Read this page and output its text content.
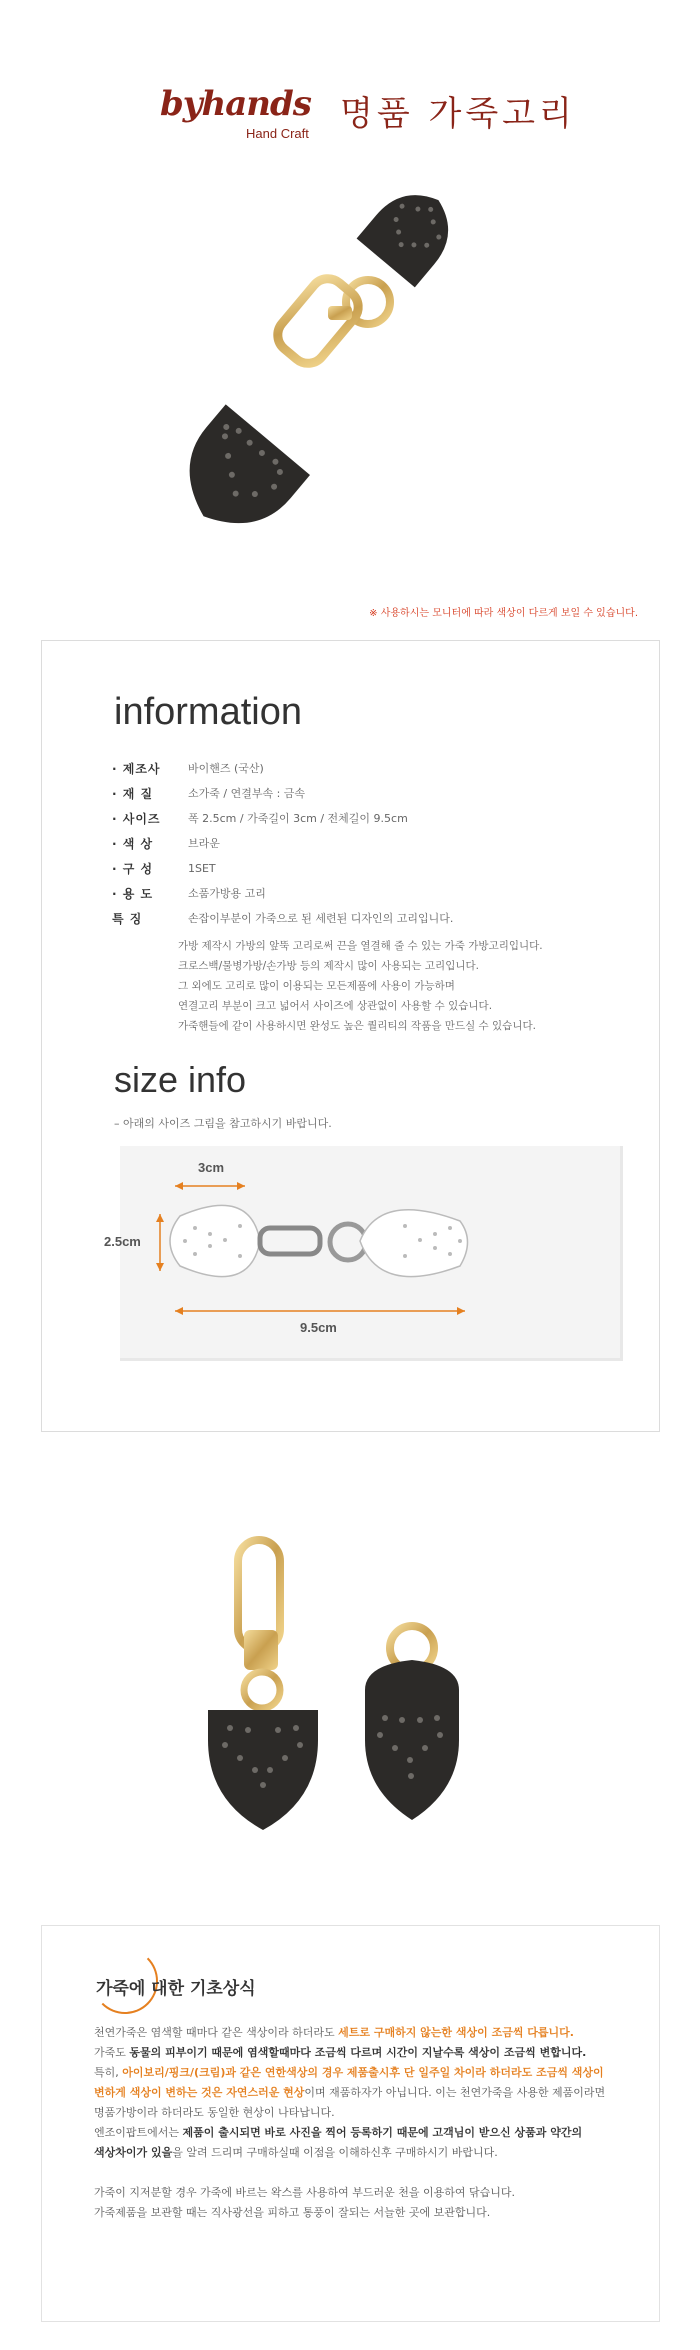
byhands
Hand Craft 명품 가죽고리
※ 사용하시는 모니터에 따라 색상이 다르게 보일 수 있습니다.
information
· 제조사	바이핸즈 (국산)
· 재 질	소가죽 / 연결부속 : 금속
· 사이즈	폭 2.5cm / 가죽길이 3cm / 전체길이 9.5cm
· 색 상	브라운
· 구 성	1SET
· 용 도	소품가방용 고리
특 징	손잡이부분이 가죽으로 된 세련된 디자인의 고리입니다.
가방 제작시 가방의 앞뚝 고리로써 끈을 열결해 줄 수 있는 가죽 가방고리입니다.
크로스백/물병가방/손가방 등의 제작시 많이 사용되는 고리입니다.
그 외에도 고리로 많이 이용되는 모든제품에 사용이 가능하며
연결고리 부분이 크고 넓어서 사이즈에 상관없이 사용할 수 있습니다.
가죽핸들에 같이 사용하시면 완성도 높은 퀄리티의 작품을 만드실 수 있습니다.
size info
– 아래의 사이즈 그림을 참고하시기 바랍니다.
3cm
2.5cm
9.5cm
가죽에 대한 기초상식
천연가죽은 염색할 때마다 같은 색상이라 하더라도 세트로 구매하지 않는한 색상이 조금씩 다릅니다.
가죽도 동물의 피부이기 때문에 염색할때마다 조금씩 다르며 시간이 지날수록 색상이 조금씩 변합니다.
특히, 아이보리/핑크/(크림)과 같은 연한색상의 경우 제품출시후 단 일주일 차이라 하더라도 조금씩 색상이
변하게 색상이 변하는 것은 자연스러운 현상이며 재품하자가 아닙니다. 이는 천연가죽을 사용한 제품이라면
명품가방이라 하더라도 동일한 현상이 나타납니다.
엔조이팝트에서는 제품이 출시되면 바로 사진을 찍어 등록하기 때문에 고객님이 받으신 상품과 약간의
색상차이가 있을을 알려 드리며 구매하실때 이점을 이해하신후 구매하시기 바랍니다.
가죽이 지저분할 경우 가죽에 바르는 왁스를 사용하여 부드러운 천을 이용하여 닦습니다.
가죽제품을 보관할 때는 직사광선을 피하고 통풍이 잘되는 서늘한 곳에 보관합니다.
